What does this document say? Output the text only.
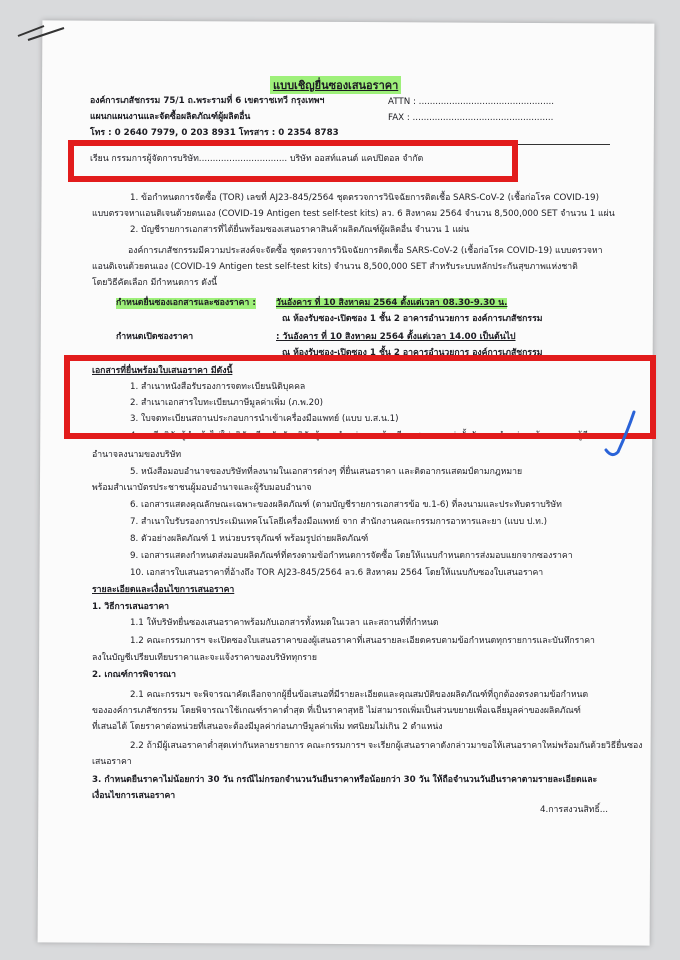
แบบเชิญยื่นซองเสนอราคา
องค์การเภสัชกรรม 75/1 ถ.พระรามที่ 6 เขตราชเทวี กรุงเทพฯ
แผนกแผนงานและจัดซื้อผลิตภัณฑ์ผู้ผลิตอื่น
โทร : 0 2640 7979, 0 203 8931 โทรสาร : 0 2354 8783
ATTN : .................................................
FAX : ...................................................
เรียน กรรมการผู้จัดการบริษัท................................ บริษัท ออสท์แลนด์ แคปปิตอล จำกัด
1. ข้อกำหนดการจัดซื้อ (TOR) เลขที่ AJ23-845/2564 ชุดตรวจการวินิจฉัยการติดเชื้อ SARS-CoV-2 (เชื้อก่อโรค COVID-19)
แบบตรวจหาแอนติเจนด้วยตนเอง (COVID-19 Antigen test self-test kits) ลว. 6 สิงหาคม 2564 จำนวน 8,500,000 SET จำนวน 1 แผ่น
2. บัญชีรายการเอกสารที่ได้ยื่นพร้อมซองเสนอราคาสินค้าผลิตภัณฑ์ผู้ผลิตอื่น จำนวน 1 แผ่น
องค์การเภสัชกรรมมีความประสงค์จะจัดซื้อ ชุดตรวจการวินิจฉัยการติดเชื้อ SARS-CoV-2 (เชื้อก่อโรค COVID-19) แบบตรวจหา
แอนติเจนด้วยตนเอง (COVID-19 Antigen test self-test kits) จำนวน 8,500,000 SET สำหรับระบบหลักประกันสุขภาพแห่งชาติ
โดยวิธีคัดเลือก มีกำหนดการ ดังนี้
กำหนดยื่นซองเอกสารและซองราคา : วันอังคาร ที่ 10 สิงหาคม 2564 ตั้งแต่เวลา 08.30-9.30 น.
ณ ห้องรับซอง-เปิดซอง 1 ชั้น 2 อาคารอำนวยการ องค์การเภสัชกรรม
กำหนดเปิดซองราคา	: วันอังคาร ที่ 10 สิงหาคม 2564 ตั้งแต่เวลา 14.00 เป็นต้นไป
ณ ห้องรับซอง-เปิดซอง 1 ชั้น 2 อาคารอำนวยการ องค์การเภสัชกรรม
เอกสารที่ยื่นพร้อมใบเสนอราคา มีดังนี้
1. สำเนาหนังสือรับรองการจดทะเบียนนิติบุคคล
2. สำเนาเอกสารใบทะเบียนภาษีมูลค่าเพิ่ม (ภ.พ.20)
3. ใบจดทะเบียนสถานประกอบการนำเข้าเครื่องมือแพทย์ (แบบ บ.ส.น.1)
4. กรณีบริษัทผู้นำเข้าไม่ใช่บริษัทเดียวกันกับบริษัทผู้แทนจำหน่าย จะต้องมีเอกสารการแต่งตั้งตัวแทนจำหน่ายพร้อมลงนามผู้มี
อำนาจลงนามของบริษัท
5. หนังสือมอบอำนาจของบริษัทที่ลงนามในเอกสารต่างๆ ที่ยื่นเสนอราคา และติดอากรแสตมป์ตามกฎหมาย
พร้อมสำเนาบัตรประชาชนผู้มอบอำนาจและผู้รับมอบอำนาจ
6. เอกสารแสดงคุณลักษณะเฉพาะของผลิตภัณฑ์ (ตามบัญชีรายการเอกสารข้อ ข.1-6) ที่ลงนามและประทับตราบริษัท
7. สำเนาใบรับรองการประเมินเทคโนโลยีเครื่องมือแพทย์ จาก สำนักงานคณะกรรมการอาหารและยา (แบบ ป.ท.)
8. ตัวอย่างผลิตภัณฑ์ 1 หน่วยบรรจุภัณฑ์ พร้อมรูปถ่ายผลิตภัณฑ์
9. เอกสารแสดงกำหนดส่งมอบผลิตภัณฑ์ที่ตรงตามข้อกำหนดการจัดซื้อ โดยให้แนบกำหนดการส่งมอบแยกจากซองราคา
10. เอกสารใบเสนอราคาที่อ้างถึง TOR AJ23-845/2564 ลว.6 สิงหาคม 2564 โดยให้แนบกับซองใบเสนอราคา
รายละเอียดและเงื่อนไขการเสนอราคา
1. วิธีการเสนอราคา
1.1 ให้บริษัทยื่นซองเสนอราคาพร้อมกับเอกสารทั้งหมดในเวลา และสถานที่ที่กำหนด
1.2 คณะกรรมการฯ จะเปิดซองใบเสนอราคาของผู้เสนอราคาที่เสนอรายละเอียดครบตามข้อกำหนดทุกรายการและบันทึกราคา
ลงในบัญชีเปรียบเทียบราคาและจะแจ้งราคาของบริษัททุกราย
2. เกณฑ์การพิจารณา
2.1 คณะกรรมฯ จะพิจารณาคัดเลือกจากผู้ยื่นข้อเสนอที่มีรายละเอียดและคุณสมบัติของผลิตภัณฑ์ที่ถูกต้องตรงตามข้อกำหนด
ขององค์การเภสัชกรรม โดยพิจารณาใช้เกณฑ์ราคาต่ำสุด ที่เป็นราคาสุทธิ ไม่สามารถเพิ่มเป็นส่วนขยายเพื่อเฉลี่ยมูลค่าของผลิตภัณฑ์
ที่เสนอได้ โดยราคาต่อหน่วยที่เสนอจะต้องมีมูลค่าก่อนภาษีมูลค่าเพิ่ม ทศนิยมไม่เกิน 2 ตำแหน่ง
2.2 ถ้ามีผู้เสนอราคาต่ำสุดเท่ากันหลายรายการ คณะกรรมการฯ จะเรียกผู้เสนอราคาดังกล่าวมาขอให้เสนอราคาใหม่พร้อมกันด้วยวิธียื่นซอง
เสนอราคา
3. กำหนดยืนราคาไม่น้อยกว่า 30 วัน กรณีไม่กรอกจำนวนวันยืนราคาหรือน้อยกว่า 30 วัน ให้ถือจำนวนวันยืนราคาตามรายละเอียดและ
เงื่อนไขการเสนอราคา
4.การสงวนสิทธิ์...
